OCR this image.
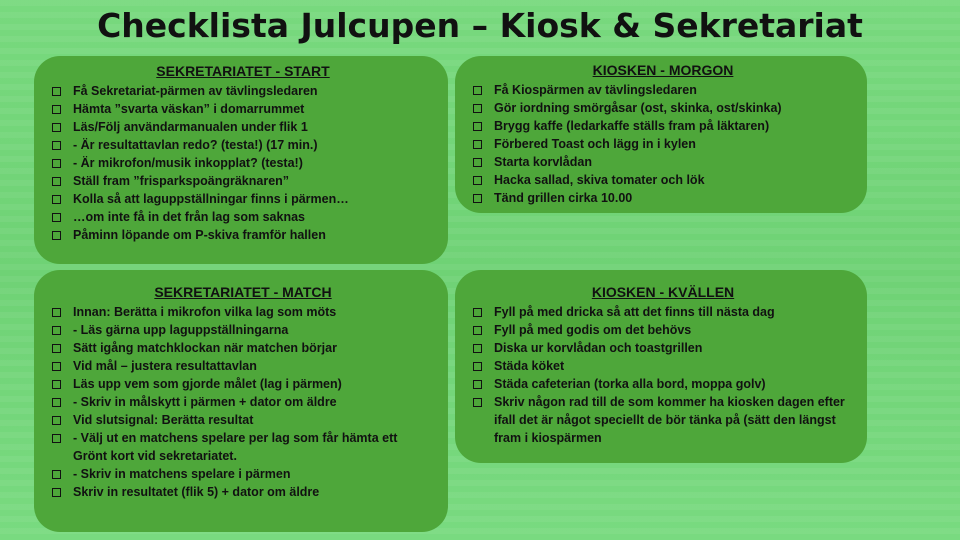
Checklista Julcupen – Kiosk & Sekretariat
SEKRETARIATET - START
Få Sekretariat-pärmen av tävlingsledaren
Hämta ”svarta väskan” i domarrummet
Läs/Följ användarmanualen under flik 1
- Är resultattavlan redo? (testa!) (17 min.)
- Är mikrofon/musik inkopplat? (testa!)
Ställ fram ”frisparkspoängräknaren”
Kolla så att laguppställningar finns i pärmen…
…om inte få in det från lag som saknas
Påminn löpande om P-skiva framför hallen
KIOSKEN - MORGON
Få Kiospärmen av tävlingsledaren
Gör iordning smörgåsar (ost, skinka, ost/skinka)
Brygg kaffe (ledarkaffe ställs fram på läktaren)
Förbered Toast och lägg in i kylen
Starta korvlådan
Hacka sallad, skiva tomater och lök
Tänd grillen cirka 10.00
SEKRETARIATET - MATCH
Innan: Berätta i mikrofon vilka lag som möts
- Läs gärna upp laguppställningarna
Sätt igång matchklockan när matchen börjar
Vid mål – justera resultattavlan
Läs upp vem som gjorde målet (lag i pärmen)
- Skriv in målskytt i pärmen + dator om äldre
Vid slutsignal: Berätta resultat
- Välj ut en matchens spelare per lag som får hämta ett Grönt kort vid sekretariatet.
- Skriv in matchens spelare i pärmen
Skriv in resultatet (flik 5) + dator om äldre
KIOSKEN - KVÄLLEN
Fyll på med dricka så att det finns till nästa dag
Fyll på med godis om det behövs
Diska ur korvlådan och toastgrillen
Städa köket
Städa cafeterian (torka alla bord, moppa golv)
Skriv någon rad till de som kommer ha kiosken dagen efter ifall det är något speciellt de bör tänka på (sätt den längst fram i kiospärmen
